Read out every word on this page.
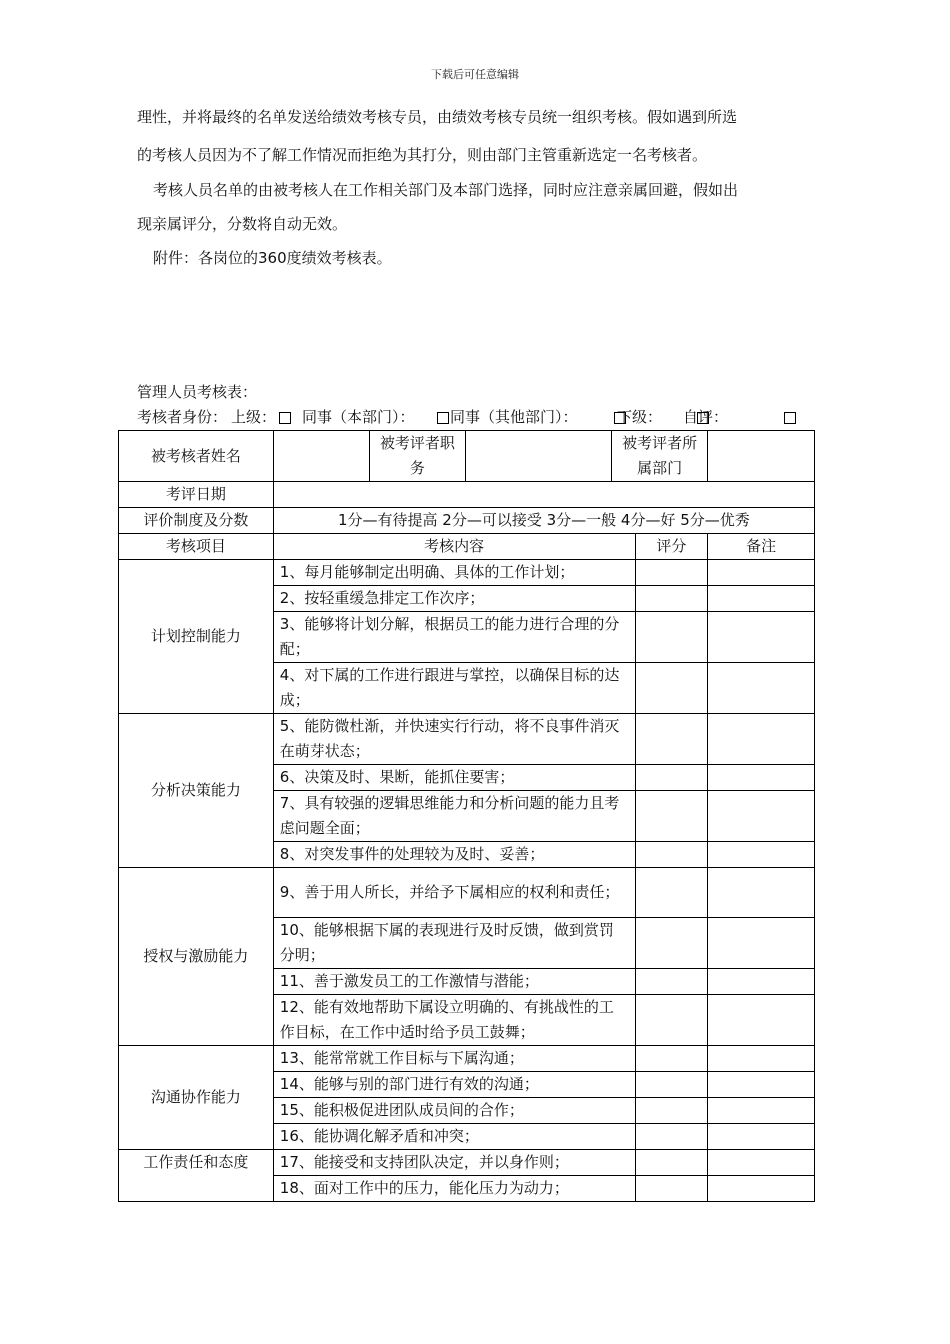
下载后可任意编辑
理性，并将最终的名单发送给绩效考核专员，由绩效考核专员统一组织考核。假如遇到所选
的考核人员因为不了解工作情况而拒绝为其打分，则由部门主管重新选定一名考核者。
考核人员名单的由被考核人在工作相关部门及本部门选择，同时应注意亲属回避，假如出
现亲属评分，分数将自动无效。
附件：各岗位的360度绩效考核表。
管理人员考核表：
考核者身份： 上级： 同事（本部门）： 同事（其他部门）：	下级： 自评：
被考核者姓名		被考评者职务		被考评者所属部门		
考评日期						
评价制度及分数	1分—有待提高 2分—可以接受 3分—一般 4分—好 5分—优秀					
考核项目	考核内容				评分	备注
计划控制能力	1、每月能够制定出明确、具体的工作计划；					
	2、按轻重缓急排定工作次序；					
	3、能够将计划分解，根据员工的能力进行合理的分配；					
	4、对下属的工作进行跟进与掌控，以确保目标的达成；					
分析决策能力	5、能防微杜渐，并快速实行行动，将不良事件消灭在萌芽状态；					
	6、决策及时、果断，能抓住要害；					
	7、具有较强的逻辑思维能力和分析问题的能力且考虑问题全面；					
	8、对突发事件的处理较为及时、妥善；					
授权与激励能力	9、善于用人所长，并给予下属相应的权利和责任；					
	10、能够根据下属的表现进行及时反馈，做到赏罚分明；					
	11、善于激发员工的工作激情与潜能；					
	12、能有效地帮助下属设立明确的、有挑战性的工作目标，在工作中适时给予员工鼓舞；					
沟通协作能力	13、能常常就工作目标与下属沟通；					
	14、能够与别的部门进行有效的沟通；					
	15、能积极促进团队成员间的合作；					
	16、能协调化解矛盾和冲突；					
工作责任和态度	17、能接受和支持团队决定，并以身作则；					
	18、面对工作中的压力，能化压力为动力；					
